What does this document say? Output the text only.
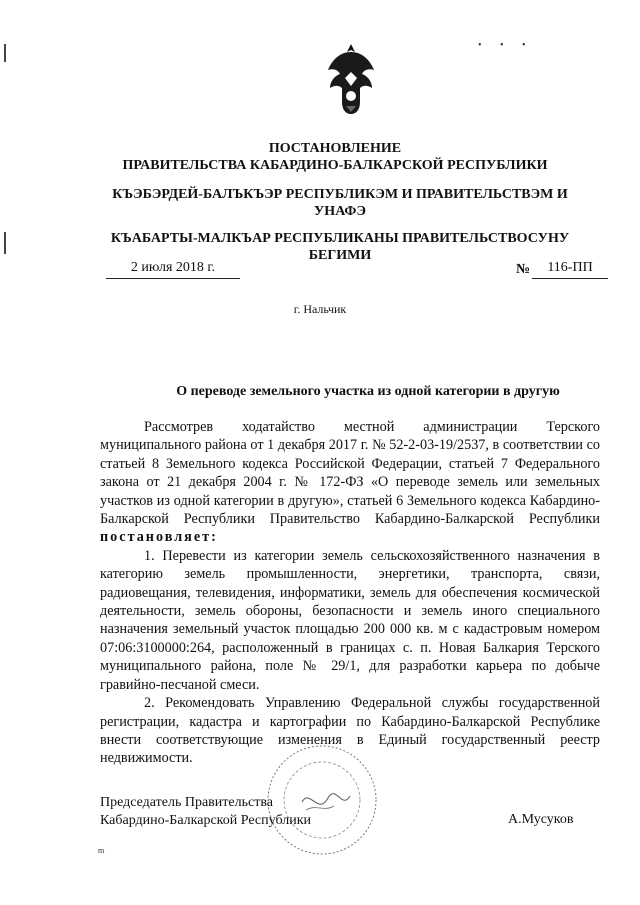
• • •
ПОСТАНОВЛЕНИЕ
ПРАВИТЕЛЬСТВА КАБАРДИНО-БАЛКАРСКОЙ РЕСПУБЛИКИ
КЪЭБЭРДЕЙ-БАЛЪКЪЭР РЕСПУБЛИКЭМ И ПРАВИТЕЛЬСТВЭМ И
УНАФЭ
КЪАБАРТЫ-МАЛКЪАР РЕСПУБЛИКАНЫ ПРАВИТЕЛЬСТВОСУНУ
БЕГИМИ
2 июля 2018 г.	№	116-ПП
г. Нальчик
О переводе земельного участка из одной категории в другую

Рассмотрев ходатайство местной администрации Терского муниципального района от 1 декабря 2017 г. № 52-2-03-19/2537, в соответствии со статьей 8 Земельного кодекса Российской Федерации, статьей 7 Федерального закона от 21 декабря 2004 г. № 172-ФЗ «О переводе земель или земельных участков из одной категории в другую», статьей 6 Земельного кодекса Кабардино-Балкарской Республики Правительство Кабардино-Балкарской Республики постановляет:

1. Перевести из категории земель сельскохозяйственного назначения в категорию земель промышленности, энергетики, транспорта, связи, радиовещания, телевидения, информатики, земель для обеспечения космической деятельности, земель обороны, безопасности и земель иного специального назначения земельный участок площадью 200 000 кв. м с кадастровым номером 07:06:3100000:264, расположенный в границах с. п. Новая Балкария Терского муниципального района, поле № 29/1, для разработки карьера по добыче гравийно-песчаной смеси.

2. Рекомендовать Управлению Федеральной службы государственной регистрации, кадастра и картографии по Кабардино-Балкарской Республике внести соответствующие изменения в Единый государственный реестр недвижимости.

Председатель Правительства
Кабардино-Балкарской Республики	А.Мусуков
m
